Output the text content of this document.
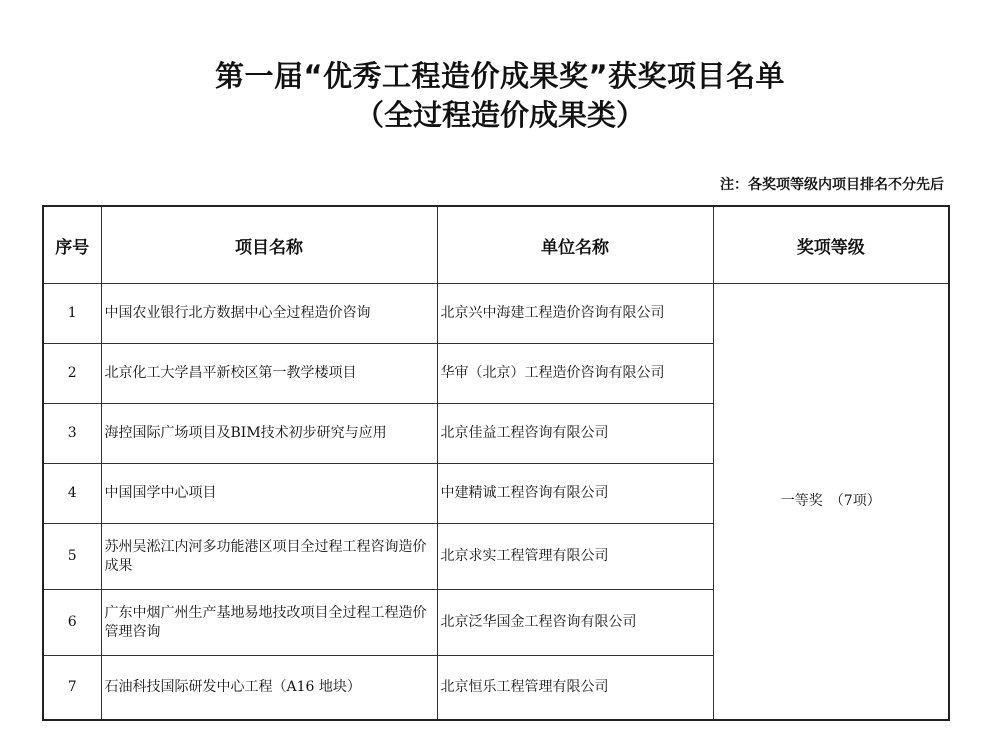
第一届“优秀工程造价成果奖”获奖项目名单
（全过程造价成果类）
注：各奖项等级内项目排名不分先后
序号	项目名称	单位名称	奖项等级
1	中国农业银行北方数据中心全过程造价咨询	北京兴中海建工程造价咨询有限公司	一等奖　（7项）
2	北京化工大学昌平新校区第一教学楼项目	华审（北京）工程造价咨询有限公司	
3	海控国际广场项目及BIM技术初步研究与应用	北京佳益工程咨询有限公司	
4	中国国学中心项目	中建精诚工程咨询有限公司	
5	苏州吴淞江内河多功能港区项目全过程工程咨询造价成果	北京求实工程管理有限公司	
6	广东中烟广州生产基地易地技改项目全过程工程造价管理咨询	北京泛华国金工程咨询有限公司	
7	石油科技国际研发中心工程（A16 地块）	北京恒乐工程管理有限公司	
